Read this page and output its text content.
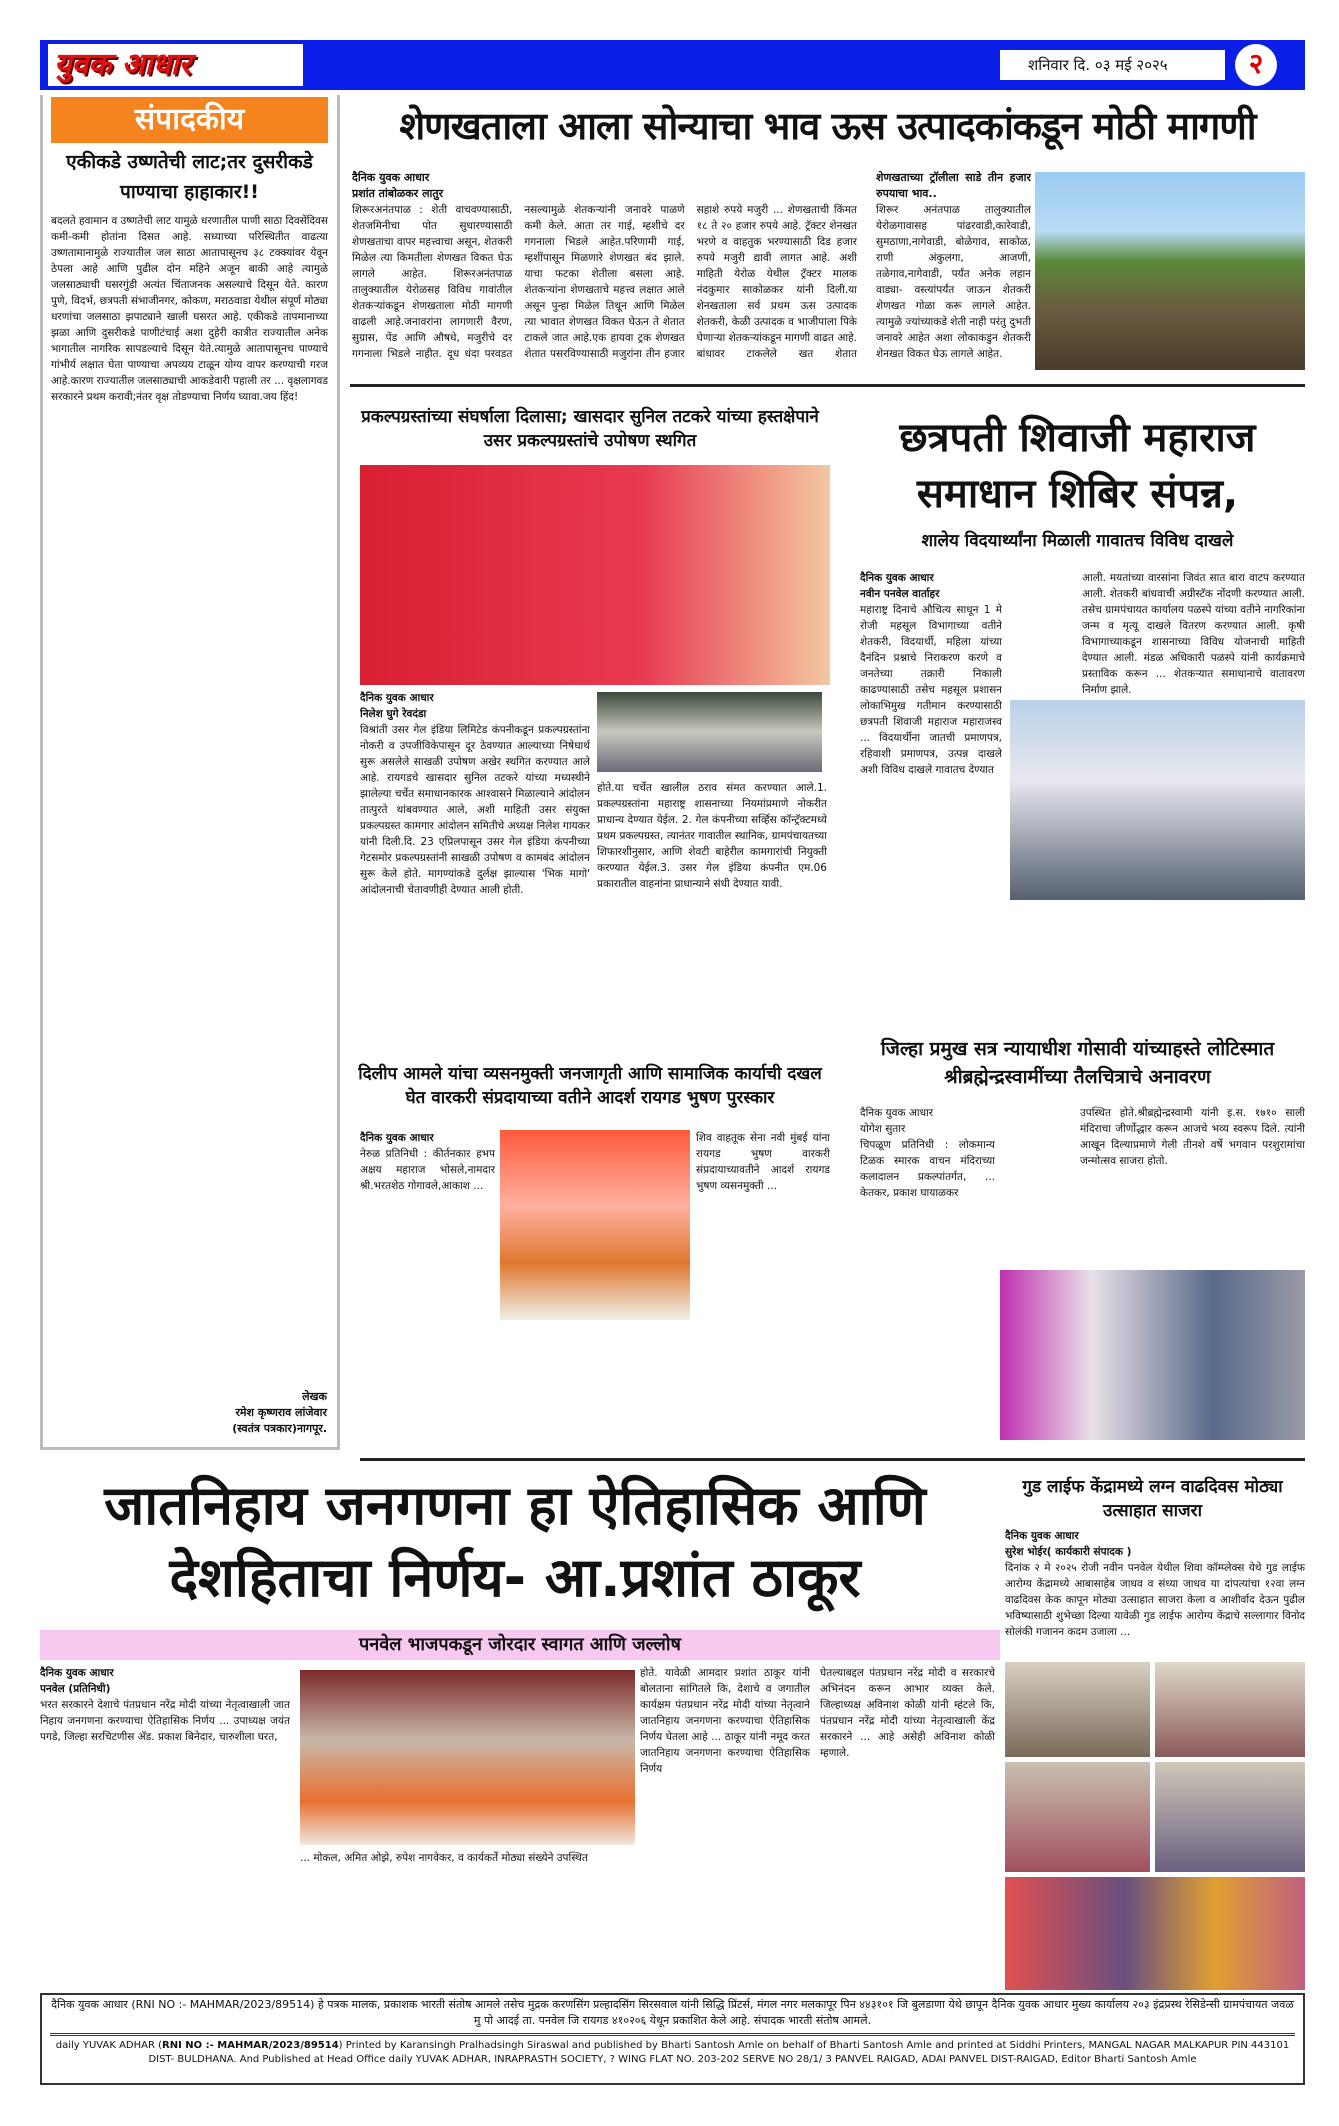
युवक आधार	शनिवार दि. ०३ मई २०२५	२
संपादकीय
एकीकडे उष्णतेची लाट;तर दुसरीकडे पाण्याचा हाहाकार!!
बदलते हवामान व उष्णतेची लाट यामुळे धरणातील पाणी साठा दिवसेंदिवस कमी-कमी होतांना दिसत आहे. सध्याच्या परिस्थितीत वाढत्या उष्णतामानामुळे राज्यातील जल साठा आतापासूनच ३८ टक्क्यांवर येवून ठेपला आहे आणि पुढील दोन महिने अजून बाकी आहे त्यामुळे जलसाठ्याची घसरगुंडी अत्यंत चिंताजनक असल्याचे दिसून येते. कारण पुणे, विदर्भ, छत्रपती संभाजीनगर, कोकण, मराठवाडा येथील संपूर्ण मोठ्या धरणांचा जलसाठा झपाट्याने खाली घसरत आहे. एकीकडे तापमानाच्या झळा आणि दुसरीकडे पाणीटंचाई अशा दुहेरी कात्रीत राज्यातील अनेक भागातील नागरिक सापडल्याचे दिसून येते.त्यामुळे आतापासूनच पाण्याचे गांभीर्य लक्षात घेता पाण्याचा अपव्यय टाळून योग्य वापर करण्याची गरज आहे.कारण राज्यातील जलसाठ्याची आकडेवारी पहाली तर ... वृक्षलागवड सरकारने प्रथम करावी;नंतर वृक्ष तोडण्याचा निर्णय घ्यावा.जय हिंद!
लेखक
रमेश कृष्णराव लांजेवार
(स्वतंत्र पत्रकार)नागपूर.
शेणखताला आला सोन्याचा भाव ऊस उत्पादकांकडून मोठी मागणी
दैनिक युवक आधार
प्रशांत तांबोळकर लातुर
शिरूरअनंतपाळ : शेती वाचवण्यासाठी, शेतजमिनीचा पोत सुधारण्यासाठी शेणखताचा वापर महत्त्वाचा असून, शेतकरी मिळेल त्या किमतीला शेणखत विकत घेऊ लागले आहेत. शिरूरअनंतपाळ तालुक्यातील येरोळसह विविध गावांतील शेतकऱ्यांकडून शेणखताला मोठी मागणी वाढली आहे.जनावरांना लागणारी वैरण, सुग्रास, पेंड आणि औषधे, मजुरीचे दर गगनाला भिडले नाहीत. दूध धंदा परवडत नसल्यामुळे शेतकऱ्यांनी जनावरे पाळणे कमी केले. आता तर गाई, म्हशीचे दर गगनाला भिडले आहेत.परिणामी गाई, म्हशींपासून मिळणारे शेणखत बंद झाले. याचा फटका शेतीला बसला आहे. शेतकऱ्यांना शेणखताचे महत्त्व लक्षात आले असून पुन्हा मिळेल तिथून आणि मिळेल त्या भावात शेणखत विकत घेऊन ते शेतात टाकले जात आहे.एक हायवा ट्रक शेणखत शेतात पसरविण्यासाठी मजुरांना तीन हजार सहाशे रुपये मजुरी ... शेणखताची किंमत १८ ते २० हजार रुपये आहे. ट्रॅक्टर शेनखत भरणे व वाहतुक भरण्यासाठी दिड हजार रुपये मजुरी द्यावी लागत आहे. अशी माहिती येरोळ येथील ट्रॅक्टर मालक नंदकुमार साकोळकर यांनी दिली.या शेनखताला सर्व प्रथम ऊस उत्पादक शेतकरी, केळी उत्पादक व भाजीपाला पिके घेणाऱ्या शेतकऱ्यांकडून मागणी वाढत आहे. बांधावर टाकलेले खत शेतात
शेणखताच्या ट्रॉलीला साडे तीन हजार रुपयाचा भाव..
शिरूर अनंतपाळ तालुक्यातील येरोळगावासह पांढरवाडी,कारेवाडी, सुमठाणा,नागेवाडी, बोळेगाव, साकोळ, राणी अंकुलगा, आजणी, तळेगाव,नागेवाडी, पर्यंत अनेक लहान वाड्या- वस्त्यांपर्यंत जाऊन शेतकरी शेणखत गोळा करू लागले आहेत. त्यामुळे ज्यांच्याकडे शेती नाही परंतु दुभती जनावरे आहेत अशा लोकाकडुन शेतकरी शेनखत विकत घेऊ लागले आहेत.
प्रकल्पग्रस्तांच्या संघर्षाला दिलासा; खासदार सुनिल तटकरे यांच्या हस्तक्षेपाने उसर प्रकल्पग्रस्तांचे उपोषण स्थगित
दैनिक युवक आधार
निलेश घुगे रेवदंडा
विश्रांती उसर गेल इंडिया लिमिटेड कंपनीकडून प्रकल्पग्रस्तांना नोकरी व उपजीविकेपासून दूर ठेवण्यात आल्याच्या निषेधार्थ सुरू असलेले साखळी उपोषण अखेर स्थगित करण्यात आले आहे. रायगडचे खासदार सुनिल तटकरे यांच्या मध्यस्थीने झालेल्या चर्चेत समाधानकारक आश्वासने मिळाल्याने आंदोलन तात्पुरते थांबवण्यात आले, अशी माहिती उसर संयुक्त प्रकल्पग्रस्त कामगार आंदोलन समितीचे अध्यक्ष निलेश गायकर यांनी दिली.दि. 23 एप्रिलपासून उसर गेल इंडिया कंपनीच्या गेटसमोर प्रकल्पग्रस्तांनी साखळी उपोषण व कामबंद आंदोलन सुरू केले होते. मागण्यांकडे दुर्लक्ष झाल्यास 'भिक मागो' आंदोलनाची चेतावणीही देण्यात आली होती.
होते.या चर्चेत खालील ठराव संमत करण्यात आले.1. प्रकल्पग्रस्तांना महाराष्ट्र शासनाच्या नियमांप्रमाणे नोकरीत प्राधान्य देण्यात येईल. 2. गेल कंपनीच्या सर्व्हिस कॉन्ट्रॅक्टमध्ये प्रथम प्रकल्पग्रस्त, त्यानंतर गावातील स्थानिक, ग्रामपंचायतच्या शिफारशीनुसार, आणि शेवटी बाहेरील कामगारांची नियुक्ती करण्यात येईल.3. उसर गेल इंडिया कंपनीत एम.06 प्रकारातील वाहनांना प्राधान्याने संधी देण्यात यावी.
छत्रपती शिवाजी महाराज समाधान शिबिर संपन्न,
शालेय विदयार्थ्यांना मिळाली गावातच विविध दाखले
दैनिक युवक आधार
नवीन पनवेल वार्ताहर
महाराष्ट्र दिनाचे औचित्य साधून 1 मे रोजी महसूल विभागाच्या वतीने शेतकरी, विदयार्थी, महिला यांच्या दैनंदिन प्रश्नाचे निराकरण करणे व जनतेच्या तक्रारी निकाली काढण्यासाठी तसेच महसूल प्रशासन लोकाभिमुख गतीमान करण्यासाठी छत्रपती शिवाजी महाराज महाराजस्व ... विदयार्थीना जातची प्रमाणपत्र, रहिवाशी प्रमाणपत्र, उत्पन्न दाखले अशी विविध दाखले गावातच देण्यात
आली. मयतांच्या वारसांना जिवंत सात बारा वाटप करण्यात आली. शेतकरी बांधवाची अग्रीस्टॅक नोंदणी करण्यात आली. तसेच ग्रामपंचायत कार्यालय पळस्पे यांच्या वतीने नागरिकांना जन्म व मृत्यू दाखले वितरण करण्यात आली. कृषी विभागाच्याकडून शासनाच्या विविध योजनाची माहिती देण्यात आली. मंडळ अधिकारी पळस्पे यांनी कार्यक्रमाचे प्रस्ताविक करून ... शेतकऱ्यात समाधानाचे वातावरण निर्माण झाले.
दिलीप आमले यांचा व्यसनमुक्ती जनजागृती आणि सामाजिक कार्याची दखल घेत वारकरी संप्रदायाच्या वतीने आदर्श रायगड भुषण पुरस्कार
दैनिक युवक आधार
नेरुळ प्रतिनिधी : कीर्तनकार हभप अक्षय महाराज भोसले,नामदार श्री.भरतशेठ गोगावले,आकाश ...
शिव वाहतूक सेना नवी मुंबई यांना रायगड भुषण वारकरी संप्रदायाच्यावतीने आदर्श रायगड भुषण व्यसनमुक्ती ...
जिल्हा प्रमुख सत्र न्यायाधीश गोसावी यांच्याहस्ते लोटिस्मात श्रीब्रह्मेन्द्रस्वामींच्या तैलचित्राचे अनावरण
दैनिक युवक आधार
योगेश सुतार
चिपळूण प्रतिनिधी : लोकमान्य टिळक स्मारक वाचन मंदिराच्या कलादालन प्रकल्पांतर्गत, ... केतकर, प्रकाश घायाळकर
उपस्थित होते.श्रीब्रह्मेन्द्रस्वामी यांनी इ.स. १७१० साली मंदिराचा जीर्णोद्धार करून आजचे भव्य स्वरूप दिले. त्यांनी आखून दिल्याप्रमाणे गेली तीनशे वर्षे भगवान परशुरामांचा जन्मोत्सव साजरा होतो.
जातनिहाय जनगणना हा ऐतिहासिक आणि देशहिताचा निर्णय- आ.प्रशांत ठाकूर
पनवेल भाजपकडून जोरदार स्वागत आणि जल्लोष
दैनिक युवक आधार
पनवेल (प्रतिनिधी)
भरत सरकारने देशाचे पंतप्रधान नरेंद्र मोदी यांच्या नेतृत्वाखाली जात निहाय जनगणना करण्याचा ऐतिहासिक निर्णय ... उपाध्यक्ष जयंत पगडे, जिल्हा सरचिटणीस ॲड. प्रकाश बिनेदार, चारुशीला घरत,
... मोकल, अमित ओझे, रुपेश नागवेकर, व कार्यकर्ते मोठ्या संख्येने उपस्थित
होते. यावेळी आमदार प्रशांत ठाकूर यांनी बोलताना सांगितले कि, देशाचे व जगातील कार्यक्षम पंतप्रधान नरेंद्र मोदी यांच्या नेतृत्वाने जातनिहाय जनगणना करण्याचा ऐतिहासिक निर्णय घेतला आहे ... ठाकूर यांनी नमूद करत जातनिहाय जनगणना करण्याचा ऐतिहासिक निर्णय
घेतल्याबद्दल पंतप्रधान नरेंद्र मोदी व सरकारचे अभिनंदन करून आभार व्यक्त केले. जिल्हाध्यक्ष अविनाश कोळी यांनी म्हंटले कि, पंतप्रधान नरेंद्र मोदी यांच्या नेतृत्वाखाली केंद्र सरकारने ... आहे असेही अविनाश कोळी म्हणाले.
गुड लाईफ केंद्रामध्ये लग्न वाढदिवस मोठ्या उत्साहात साजरा
दैनिक युवक आधार
सुरेश भोईर( कार्यकारी संपादक )
दिनांक २ मे २०२५ रोजी नवीन पनवेल येथील शिवा कॉम्प्लेक्स येथे गुड लाईफ आरोग्य केंद्रामध्ये आबासाहेब जाधव व संध्या जाधव या दांपत्यांचा १२वा लग्न वाढदिवस केक कापून मोठ्या उत्साहात साजरा केला व आशीर्वाद देऊन पुढील भविष्यासाठी शुभेच्छा दिल्या यावेळी गुड लाईफ आरोग्य केंद्राचे सल्लागार विनोद सोलंकी गजानन कदम उजाला ...
दैनिक युवक आधार (RNI NO :- MAHMAR/2023/89514) हे पत्रक मालक, प्रकाशक भारती संतोष आमले तसेच मुद्रक करणसिंग प्रल्हादसिंग सिरसवाल यांनी सिद्धि प्रिंटर्स, मंगल नगर मलकापूर पिन ४४३१०१ जि बुलडाणा येथे छापून दैनिक युवक आधार मुख्य कार्यालय २०३ इंद्रप्रस्थ रेसिडेन्सी ग्रामपंचायत जवळ मु पो आदई ता. पनवेल जि रायगड ४१०२०६ येथून प्रकाशित केले आहे. संपादक भारती संतोष आमले.
daily YUVAK ADHAR (RNI NO :- MAHMAR/2023/89514) Printed by Karansingh Pralhadsingh Siraswal and published by Bharti Santosh Amle on behalf of Bharti Santosh Amle and printed at Siddhi Printers, MANGAL NAGAR MALKAPUR PIN 443101 DIST- BULDHANA. And Published at Head Office daily YUVAK ADHAR, INRAPRASTH SOCIETY, ? WING FLAT NO. 203-202 SERVE NO 28/1/ 3 PANVEL RAIGAD, ADAI PANVEL DIST-RAIGAD, Editor Bharti Santosh Amle
